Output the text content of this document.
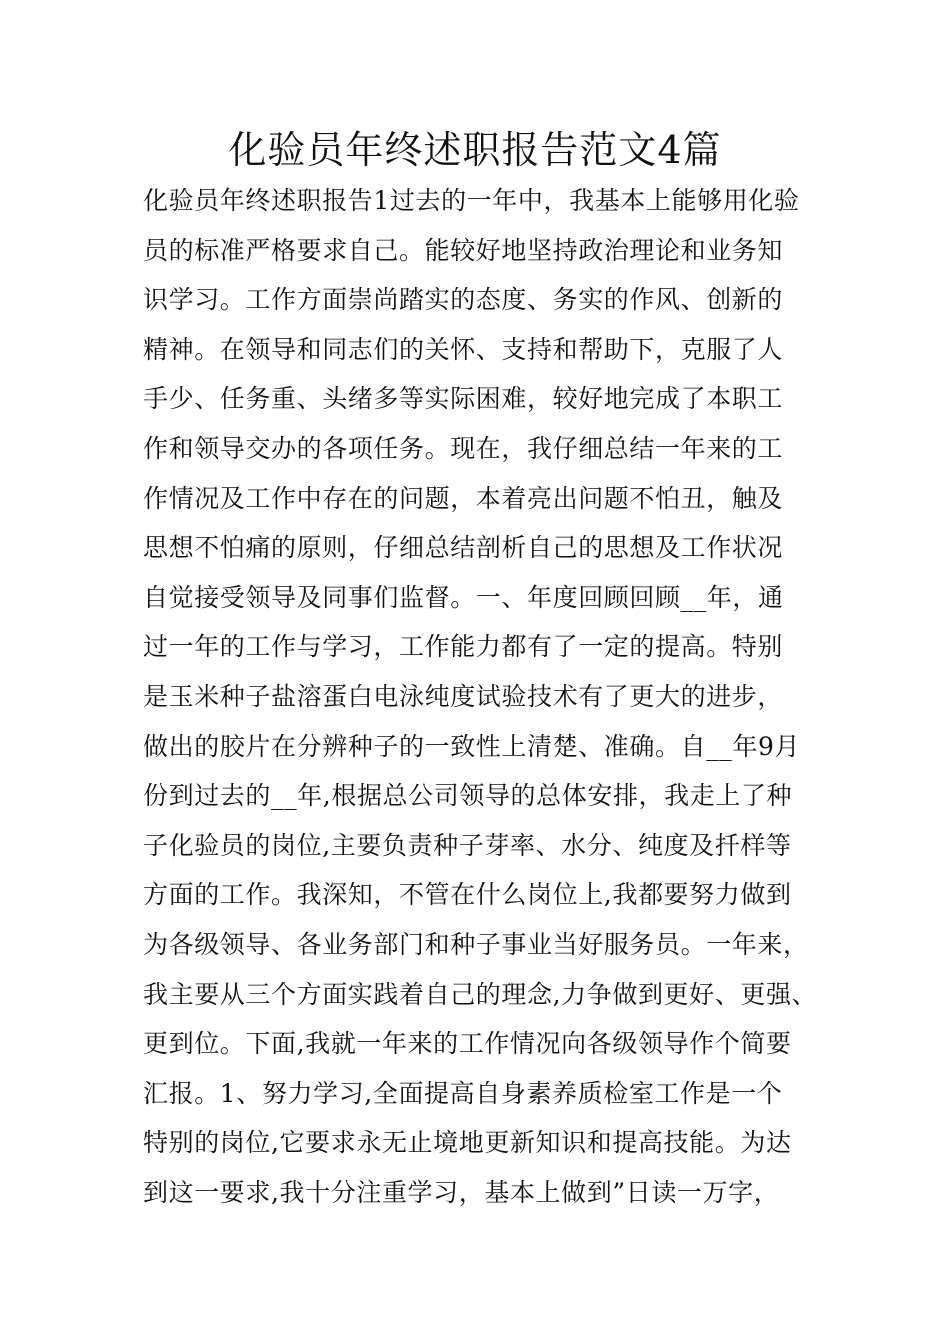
化验员年终述职报告范文4篇
化验员年终述职报告1过去的一年中，我基本上能够用化验
员的标准严格要求自己。能较好地坚持政治理论和业务知
识学习。工作方面崇尚踏实的态度、务实的作风、创新的
精神。在领导和同志们的关怀、支持和帮助下，克服了人
手少、任务重、头绪多等实际困难，较好地完成了本职工
作和领导交办的各项任务。现在，我仔细总结一年来的工
作情况及工作中存在的问题，本着亮出问题不怕丑，触及
思想不怕痛的原则，仔细总结剖析自己的思想及工作状况
自觉接受领导及同事们监督。一、年度回顾回顾__年，通
过一年的工作与学习，工作能力都有了一定的提高。特别
是玉米种子盐溶蛋白电泳纯度试验技术有了更大的进步，
做出的胶片在分辨种子的一致性上清楚、准确。自__年9月
份到过去的__年,根据总公司领导的总体安排，我走上了种
子化验员的岗位,主要负责种子芽率、水分、纯度及扦样等
方面的工作。我深知，不管在什么岗位上,我都要努力做到
为各级领导、各业务部门和种子事业当好服务员。一年来，
我主要从三个方面实践着自己的理念,力争做到更好、更强、
更到位。下面,我就一年来的工作情况向各级领导作个简要
汇报。1、努力学习,全面提高自身素养质检室工作是一个
特别的岗位,它要求永无止境地更新知识和提高技能。为达
到这一要求,我十分注重学习，基本上做到”日读一万字，
